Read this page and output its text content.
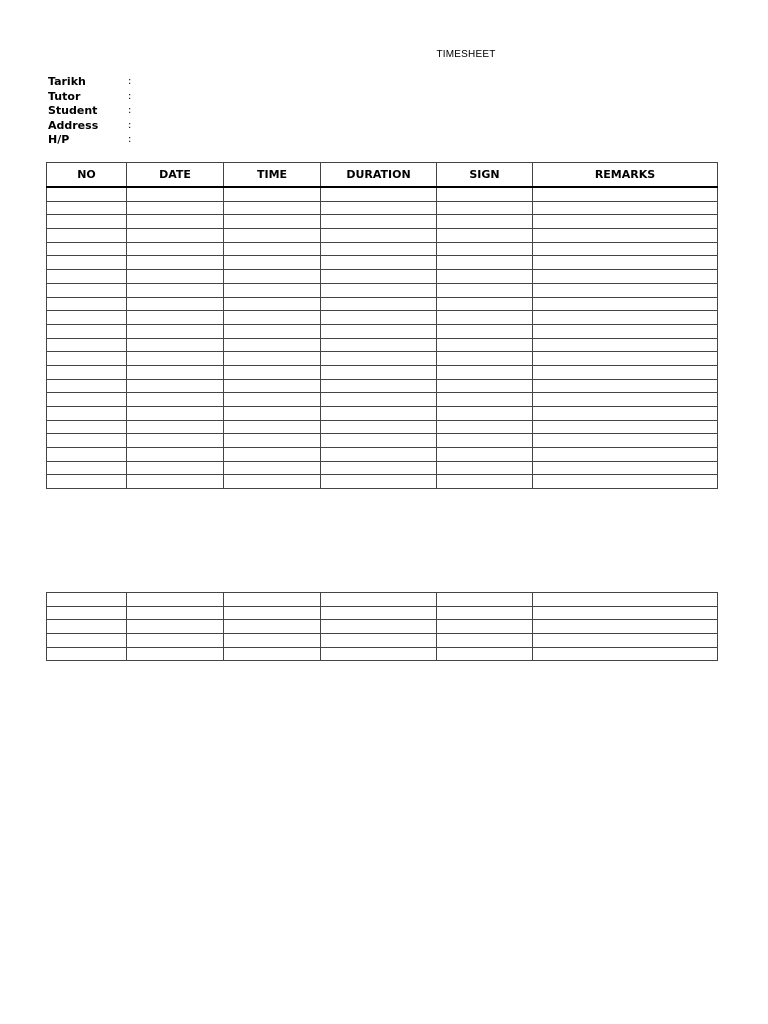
TIMESHEET
Tarikh	:
Tutor	:
Student	:
Address	:
H/P	:
NO	DATE	TIME	DURATION	SIGN	REMARKS
